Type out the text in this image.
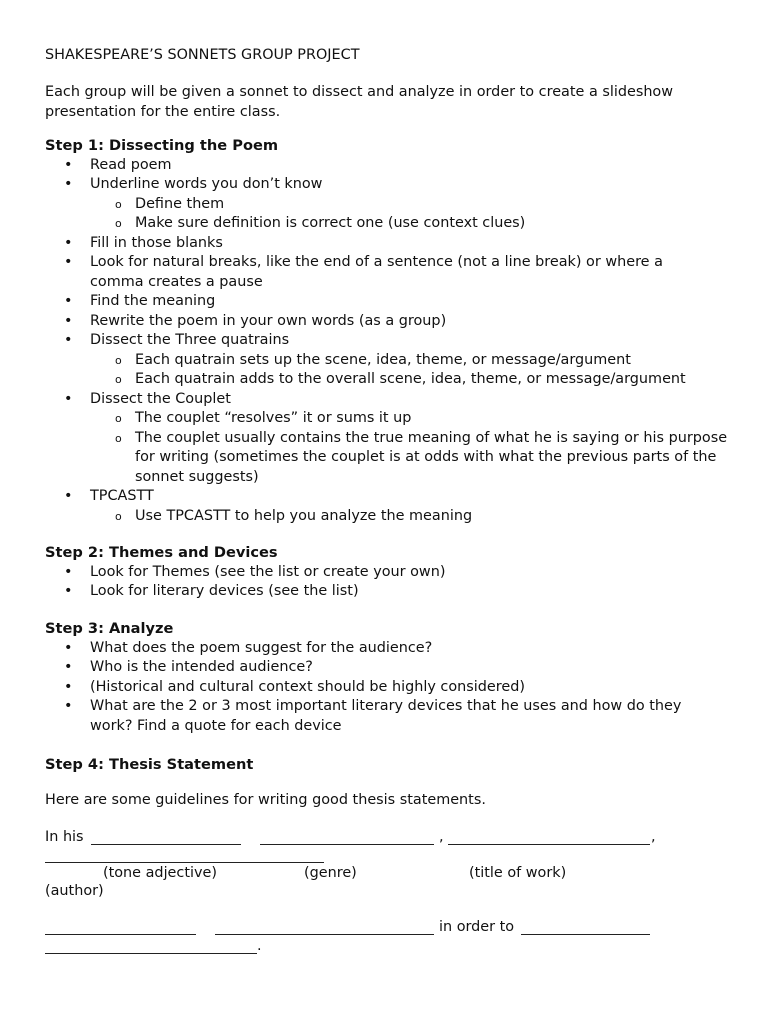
SHAKESPEARE’S SONNETS GROUP PROJECT

Each group will be given a sonnet to dissect and analyze in order to create a slideshow presentation for the entire class.

Step 1: Dissecting the Poem
• Read poem
• Underline words you don’t know
o Define them
o Make sure definition is correct one (use context clues)
• Fill in those blanks
• Look for natural breaks, like the end of a sentence (not a line break) or where a comma creates a pause
• Find the meaning
• Rewrite the poem in your own words (as a group)
• Dissect the Three quatrains
o Each quatrain sets up the scene, idea, theme, or message/argument
o Each quatrain adds to the overall scene, idea, theme, or message/argument
• Dissect the Couplet
o The couplet “resolves” it or sums it up
o The couplet usually contains the true meaning of what he is saying or his purpose for writing (sometimes the couplet is at odds with what the previous parts of the sonnet suggests)
• TPCASTT
o Use TPCASTT to help you analyze the meaning
Step 2: Themes and Devices
• Look for Themes (see the list or create your own)
• Look for literary devices (see the list)
Step 3: Analyze
• What does the poem suggest for the audience?
• Who is the intended audience?
• (Historical and cultural context should be highly considered)
• What are the 2 or 3 most important literary devices that he uses and how do they work? Find a quote for each device
Step 4: Thesis Statement
Here are some guidelines for writing good thesis statements.
In his	,	,
(tone adjective)	(genre)	(title of work)
(author)
in order to
.
